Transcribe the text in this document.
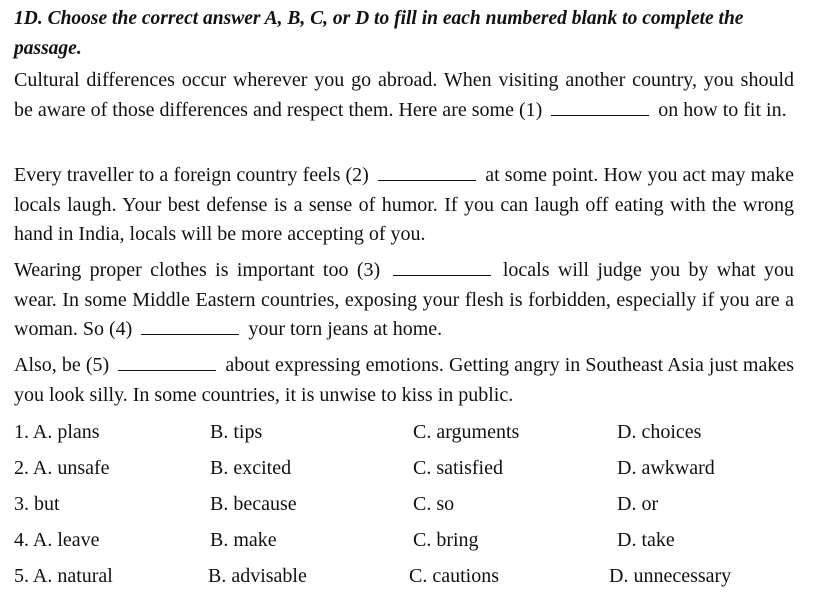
1D. Choose the correct answer A, B, C, or D to fill in each numbered blank to complete the passage.
Cultural differences occur wherever you go abroad. When visiting another country, you should be aware of those differences and respect them. Here are some (1)	on how to fit in.
Every traveller to a foreign country feels (2)	at some point. How you act may make locals laugh. Your best defense is a sense of humor. If you can laugh off eating with the wrong hand in India, locals will be more accepting of you.
Wearing proper clothes is important too (3)	locals will judge you by what you wear. In some Middle Eastern countries, exposing your flesh is forbidden, especially if you are a woman. So (4)	your torn jeans at home.
Also, be (5)	about expressing emotions. Getting angry in Southeast Asia just makes you look silly. In some countries, it is unwise to kiss in public.
1. A. plans	B. tips	C. arguments	D. choices
2. A. unsafe	B. excited	C. satisfied	D. awkward
3. but	B. because	C. so	D. or
4. A. leave	B. make	C. bring	D. take
5. A. natural	B. advisable	C. cautions	D. unnecessary
